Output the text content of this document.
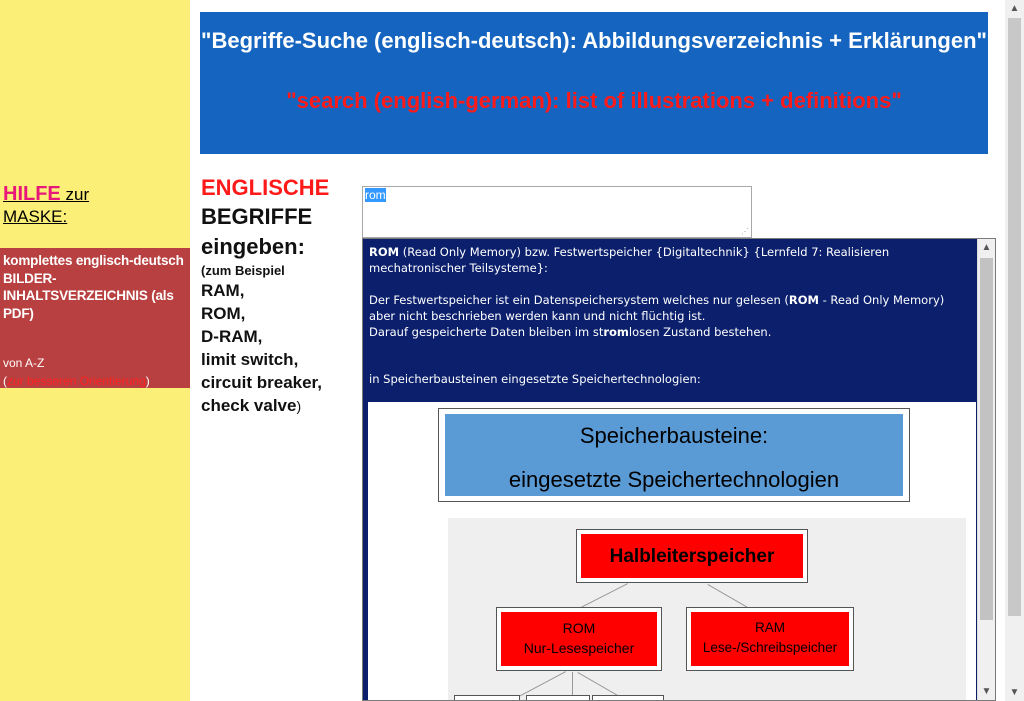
HILFE zur
MASKE:
komplettes englisch-deutsch BILDER-INHALTSVERZEICHNIS (als PDF)
von A-Z
(zur besseren Orientierung)
"Begriffe-Suche (englisch-deutsch): Abbildungsverzeichnis + Erklärungen"
"search (english-german): list of illustrations + definitions"
ENGLISCHE
BEGRIFFE
eingeben:
(zum Beispiel
RAM,
ROM,
D-RAM,
limit switch,
circuit breaker,
check valve)
rom
⋰

ROM (Read Only Memory) bzw. Festwertspeicher {Digitaltechnik} {Lernfeld 7: Realisieren mechatronischer Teilsysteme}:

Der Festwertspeicher ist ein Datenspeichersystem welches nur gelesen (ROM - Read Only Memory)

aber nicht beschrieben werden kann und nicht flüchtig ist.

Darauf gespeicherte Daten bleiben im stromlosen Zustand bestehen.

in Speicherbausteinen eingesetzte Speichertechnologien:

Speicherbausteine:
eingesetzte Speichertechnologien
Halbleiterspeicher
ROM
Nur-Lesespeicher
RAM
Lese-/Schreibspeicher
▲
▼
▲
▼
